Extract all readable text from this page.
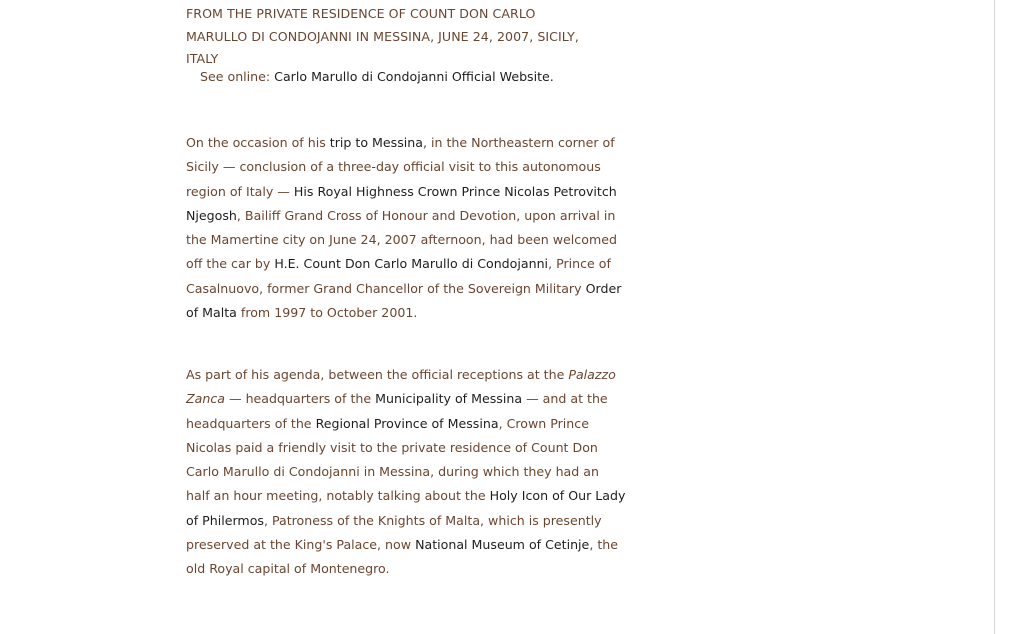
FROM THE PRIVATE RESIDENCE OF COUNT DON CARLO

MARULLO DI CONDOJANNI IN MESSINA, JUNE 24, 2007, SICILY,

ITALY

See online: Carlo Marullo di Condojanni Official Website.

On the occasion of his trip to Messina, in the Northeastern corner of Sicily — conclusion of a three-day official visit to this autonomous region of Italy — His Royal Highness Crown Prince Nicolas Petrovitch Njegosh, Bailiff Grand Cross of Honour and Devotion, upon arrival in the Mamertine city on June 24, 2007 afternoon, had been welcomed off the car by H.E. Count Don Carlo Marullo di Condojanni, Prince of Casalnuovo, former Grand Chancellor of the Sovereign Military Order of Malta from 1997 to October 2001.

As part of his agenda, between the official receptions at the Palazzo Zanca — headquarters of the Municipality of Messina — and at the headquarters of the Regional Province of Messina, Crown Prince Nicolas paid a friendly visit to the private residence of Count Don Carlo Marullo di Condojanni in Messina, during which they had an half an hour meeting, notably talking about the Holy Icon of Our Lady of Philermos, Patroness of the Knights of Malta, which is presently preserved at the King's Palace, now National Museum of Cetinje, the old Royal capital of Montenegro.
